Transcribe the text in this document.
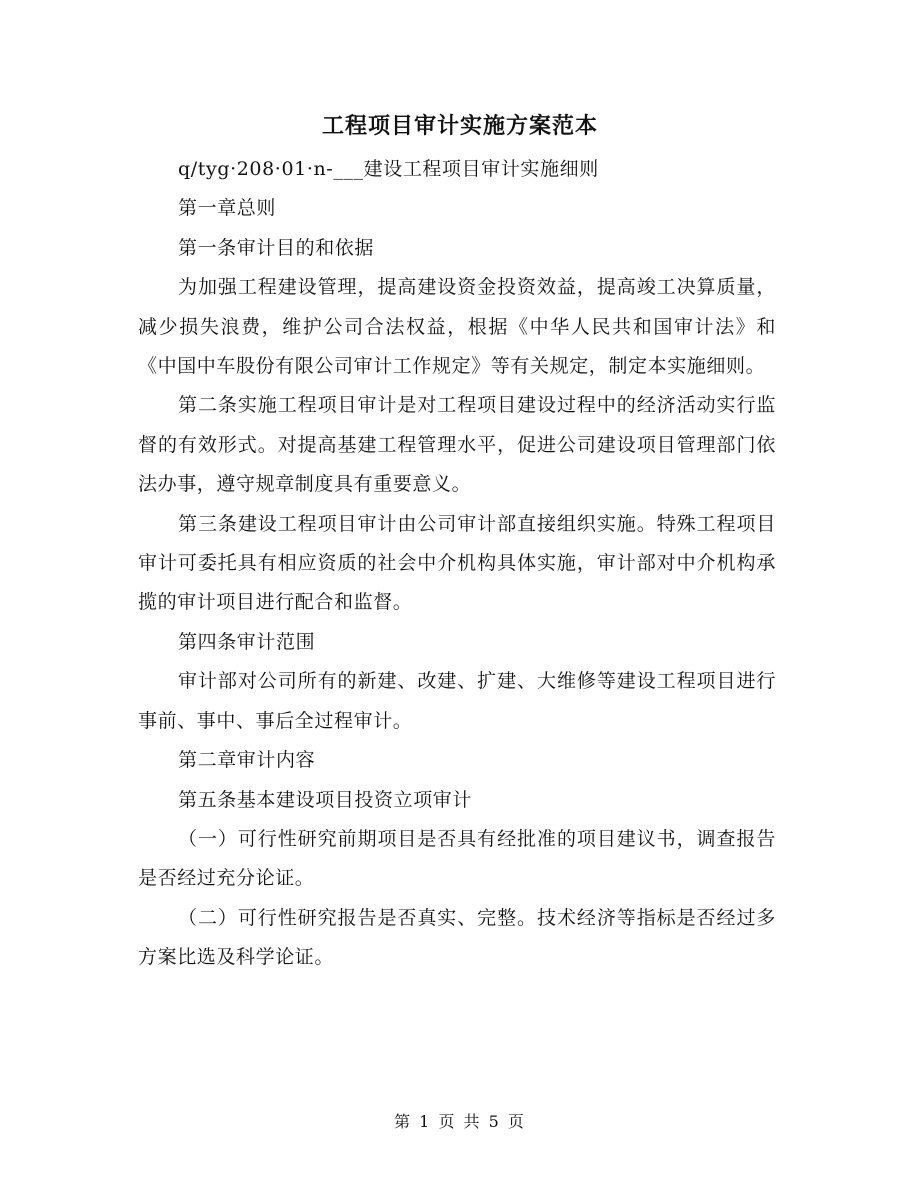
工程项目审计实施方案范本

q/tyg·208·01·n-___建设工程项目审计实施细则

第一章总则

第一条审计目的和依据

为加强工程建设管理，提高建设资金投资效益，提高竣工决算质量，减少损失浪费，维护公司合法权益，根据《中华人民共和国审计法》和《中国中车股份有限公司审计工作规定》等有关规定，制定本实施细则。

第二条实施工程项目审计是对工程项目建设过程中的经济活动实行监督的有效形式。对提高基建工程管理水平，促进公司建设项目管理部门依法办事，遵守规章制度具有重要意义。

第三条建设工程项目审计由公司审计部直接组织实施。特殊工程项目审计可委托具有相应资质的社会中介机构具体实施，审计部对中介机构承揽的审计项目进行配合和监督。

第四条审计范围

审计部对公司所有的新建、改建、扩建、大维修等建设工程项目进行事前、事中、事后全过程审计。

第二章审计内容

第五条基本建设项目投资立项审计

（一）可行性研究前期项目是否具有经批准的项目建议书，调查报告是否经过充分论证。

（二）可行性研究报告是否真实、完整。技术经济等指标是否经过多方案比选及科学论证。

第 1 页 共 5 页
